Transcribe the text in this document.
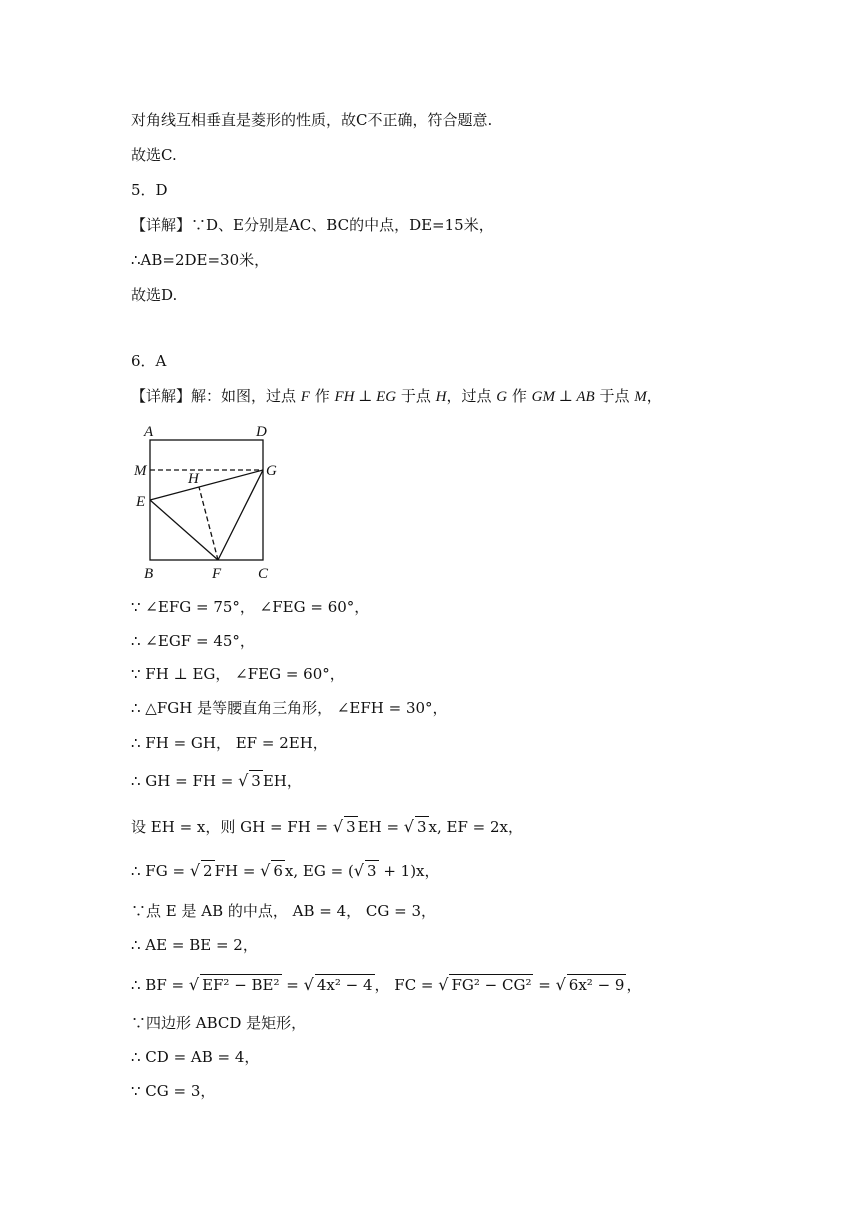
对角线互相垂直是菱形的性质，故C不正确，符合题意.
故选C.
5．D
【详解】∵D、E分别是AC、BC的中点，DE=15米，
∴AB=2DE=30米，
故选D.
6．A
【详解】解：如图，过点 F 作 FH ⊥ EG 于点 H，过点 G 作 GM ⊥ AB 于点 M，
A	D
M	G
H
E
B	F C
∵ ∠EFG = 75°， ∠FEG = 60°，
∴ ∠EGF = 45°，
∵ FH ⊥ EG， ∠FEG = 60°，
∴ △FGH 是等腰直角三角形， ∠EFH = 30°，
∴ FH = GH， EF = 2EH，
∴ GH = FH = √ 3 EH，
设 EH = x，则 GH = FH = √ 3 EH = √ 3 x, EF = 2x，
∴ FG = √ 2 FH = √ 6 x, EG = (√ 3 + 1)x，
∵点 E 是 AB 的中点， AB = 4， CG = 3，
∴ AE = BE = 2，
∴ BF = √ EF² − BE² = √ 4x² − 4 ， FC = √ FG² − CG² = √ 6x² − 9 ，
∵四边形 ABCD 是矩形，
∴ CD = AB = 4，
∵ CG = 3，
